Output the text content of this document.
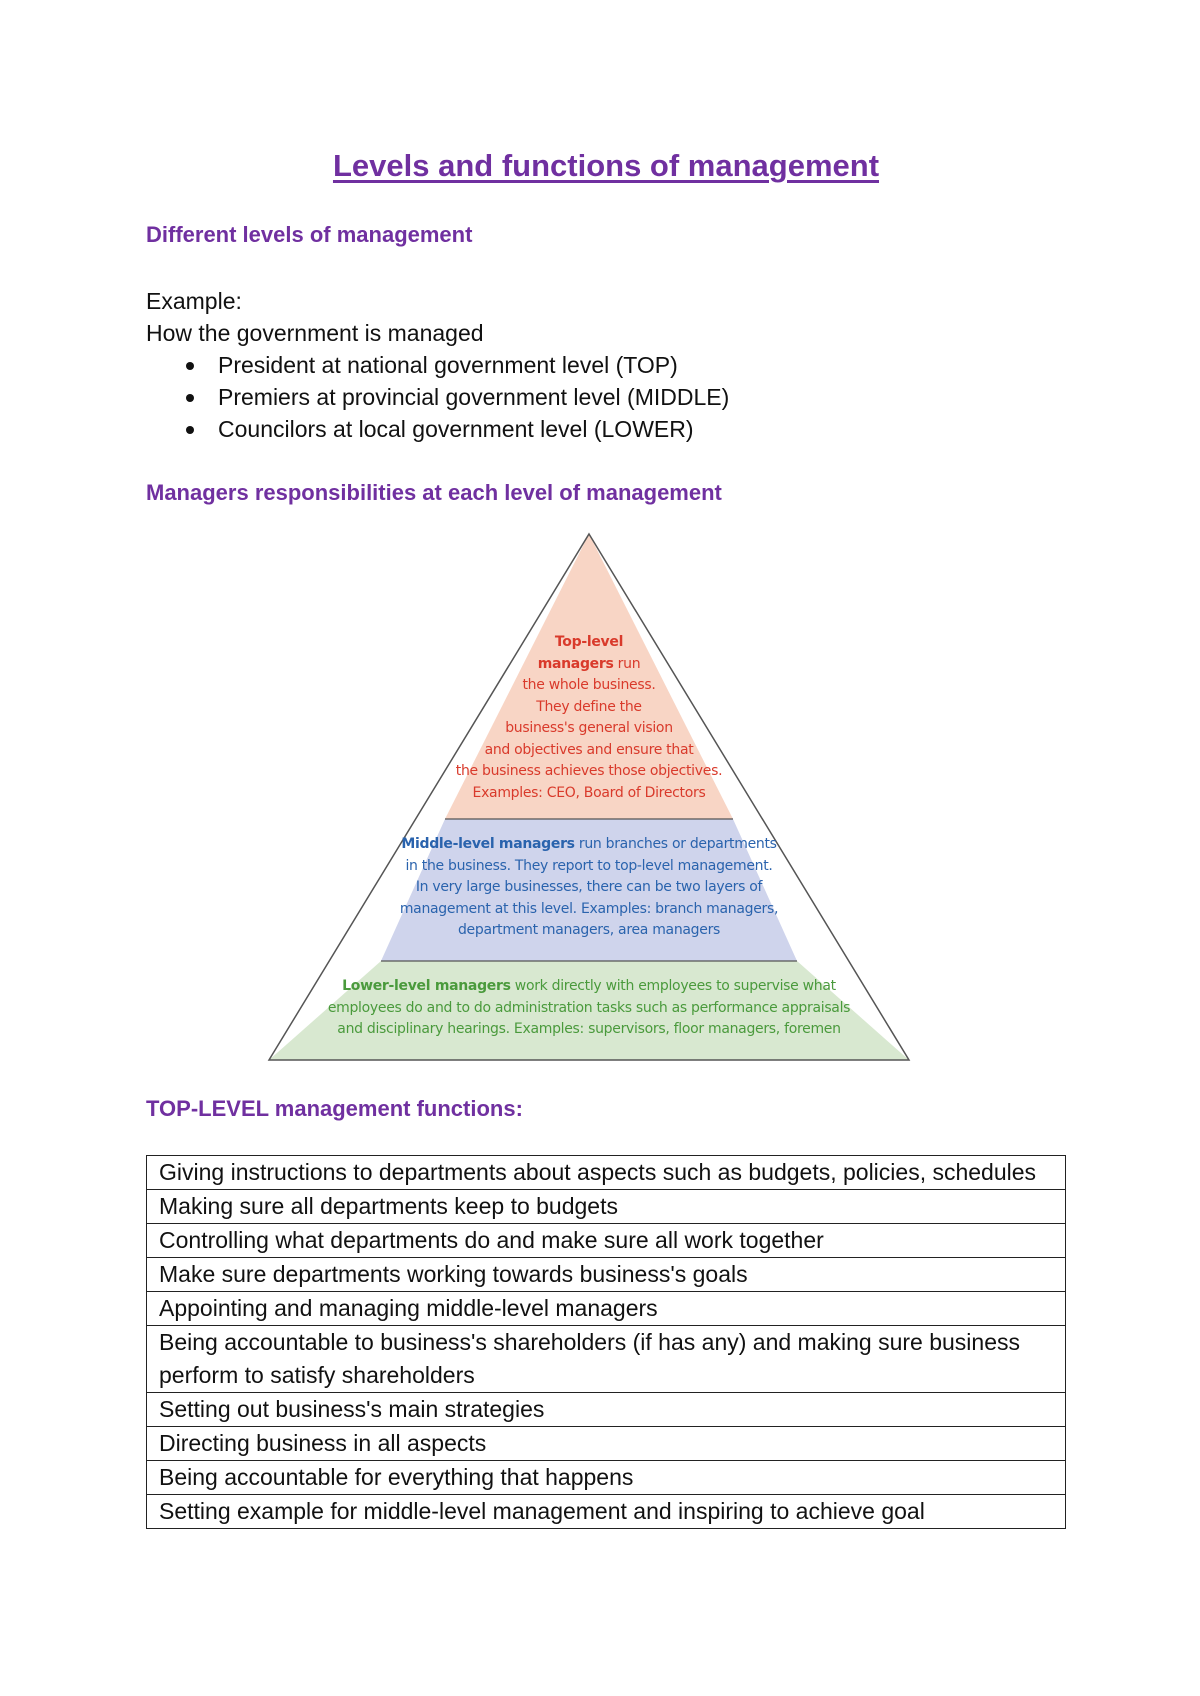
Levels and functions of management
Different levels of management

Example:

How the government is managed

President at national government level (TOP)
Premiers at provincial government level (MIDDLE)
Councilors at local government level (LOWER)
Managers responsibilities at each level of management
Top-level
managers run
the whole business.
They define the
business's general vision
and objectives and ensure that
the business achieves those objectives.
Examples: CEO, Board of Directors
Middle-level managers run branches or departments
in the business. They report to top-level management.
In very large businesses, there can be two layers of
management at this level. Examples: branch managers,
department managers, area managers
Lower-level managers work directly with employees to supervise what
employees do and to do administration tasks such as performance appraisals
and disciplinary hearings. Examples: supervisors, floor managers, foremen
TOP-LEVEL management functions:
Giving instructions to departments about aspects such as budgets, policies, schedules
Making sure all departments keep to budgets
Controlling what departments do and make sure all work together
Make sure departments working towards business's goals
Appointing and managing middle-level managers
Being accountable to business's shareholders (if has any) and making sure business perform to satisfy shareholders
Setting out business's main strategies
Directing business in all aspects
Being accountable for everything that happens
Setting example for middle-level management and inspiring to achieve goal
